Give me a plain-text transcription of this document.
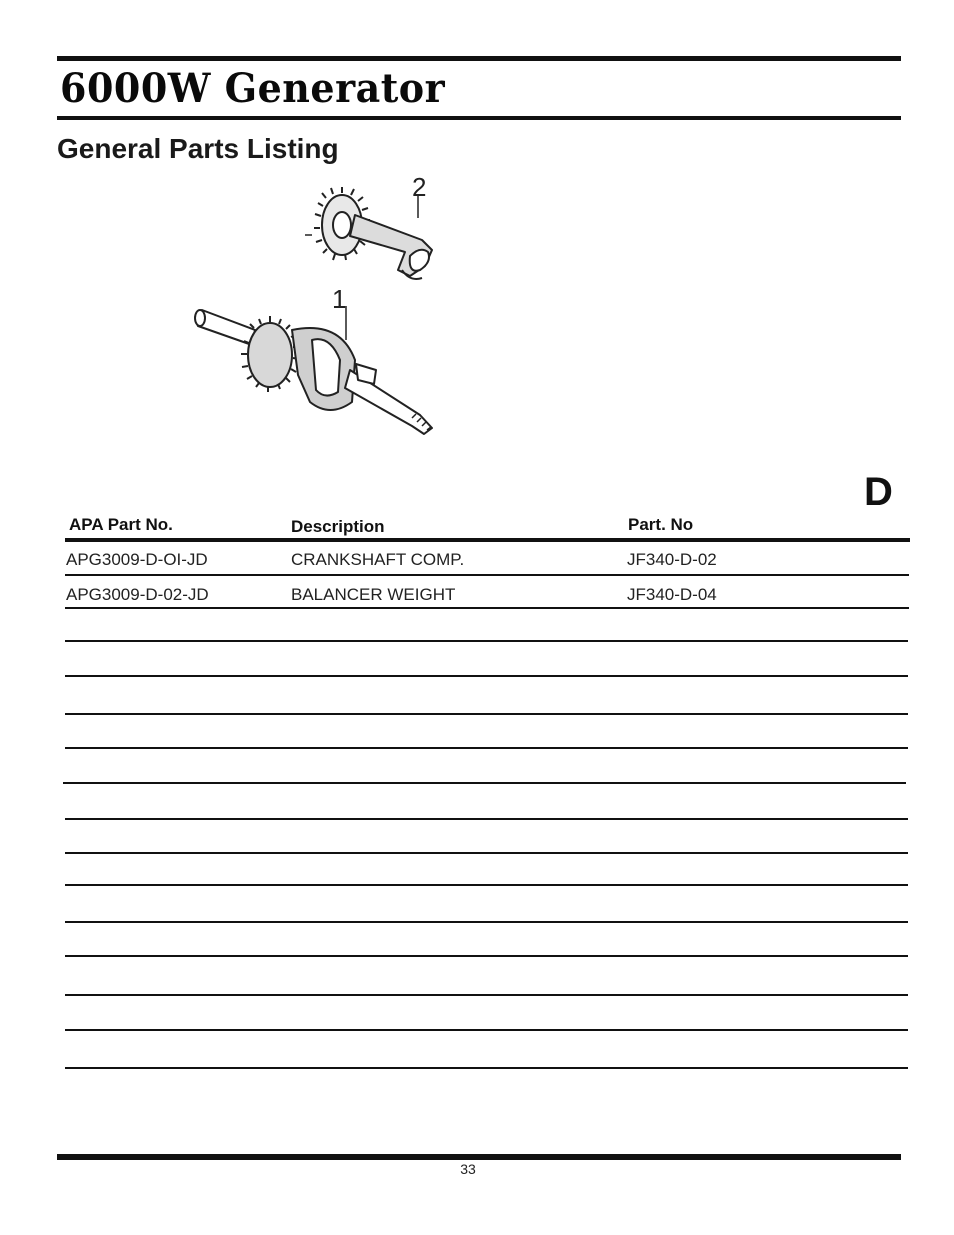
6000W Generator
General Parts Listing
2
1
D
APA Part No.	Description	Part. No
APG3009-D-OI-JD	CRANKSHAFT COMP.	JF340-D-02
APG3009-D-02-JD	BALANCER WEIGHT	JF340-D-04
33
